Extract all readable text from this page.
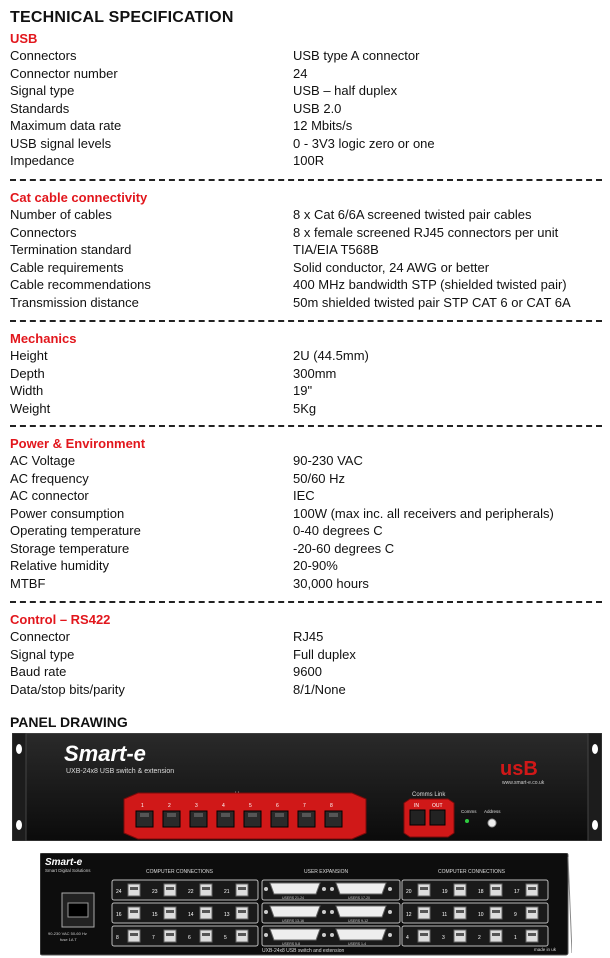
TECHNICAL SPECIFICATION
USB
Connectors	USB type A connector
Connector number	24
Signal type	USB – half duplex
Standards	USB 2.0
Maximum data rate	12 Mbits/s
USB signal levels	0 - 3V3 logic zero or one
Impedance	100R
Cat cable connectivity
Number of cables	8 x Cat 6/6A screened twisted pair cables
Connectors	8 x female screened RJ45 connectors per unit
Termination standard	TIA/EIA T568B
Cable requirements	Solid conductor, 24 AWG or better
Cable recommendations	400 MHz bandwidth STP (shielded twisted pair)
Transmission distance	50m shielded twisted pair STP CAT 6 or CAT 6A
Mechanics
Height	2U (44.5mm)
Depth	300mm
Width	19"
Weight	5Kg
Power & Environment
AC Voltage	90-230 VAC
AC frequency	50/60 Hz
AC connector	IEC
Power consumption	100W (max inc. all receivers and peripherals)
Operating temperature	0-40 degrees C
Storage temperature	-20-60 degrees C
Relative humidity	20-90%
MTBF	30,000 hours
Control – RS422
Connector	RJ45
Signal type	Full duplex
Baud rate	9600
Data/stop bits/parity	8/1/None
PANEL DRAWING
Smart-e
UXB-24x8 USB switch & extension	usB
www.smart-e.co.uk
1	2	3	4	5	6	7	8
Comms Link
IN	OUT
Comms Address
Smart-e
Smart Digital Solutions
90-230 VAC 50-60 Hz
fuse 1A T
COMPUTER CONNECTIONS	USER EXPANSION	COMPUTER CONNECTIONS
24	23	22	21
16	15	14	13
8	7	6	5
20	19	18	17
12	11	10	9
4	3	2	1
USERS 21-24	USERS 17-20
USERS 13-16	USERS 9-12
USERS 5-8	USERS 1-4
UXB-24x8 USB switch and extension	made in uk
